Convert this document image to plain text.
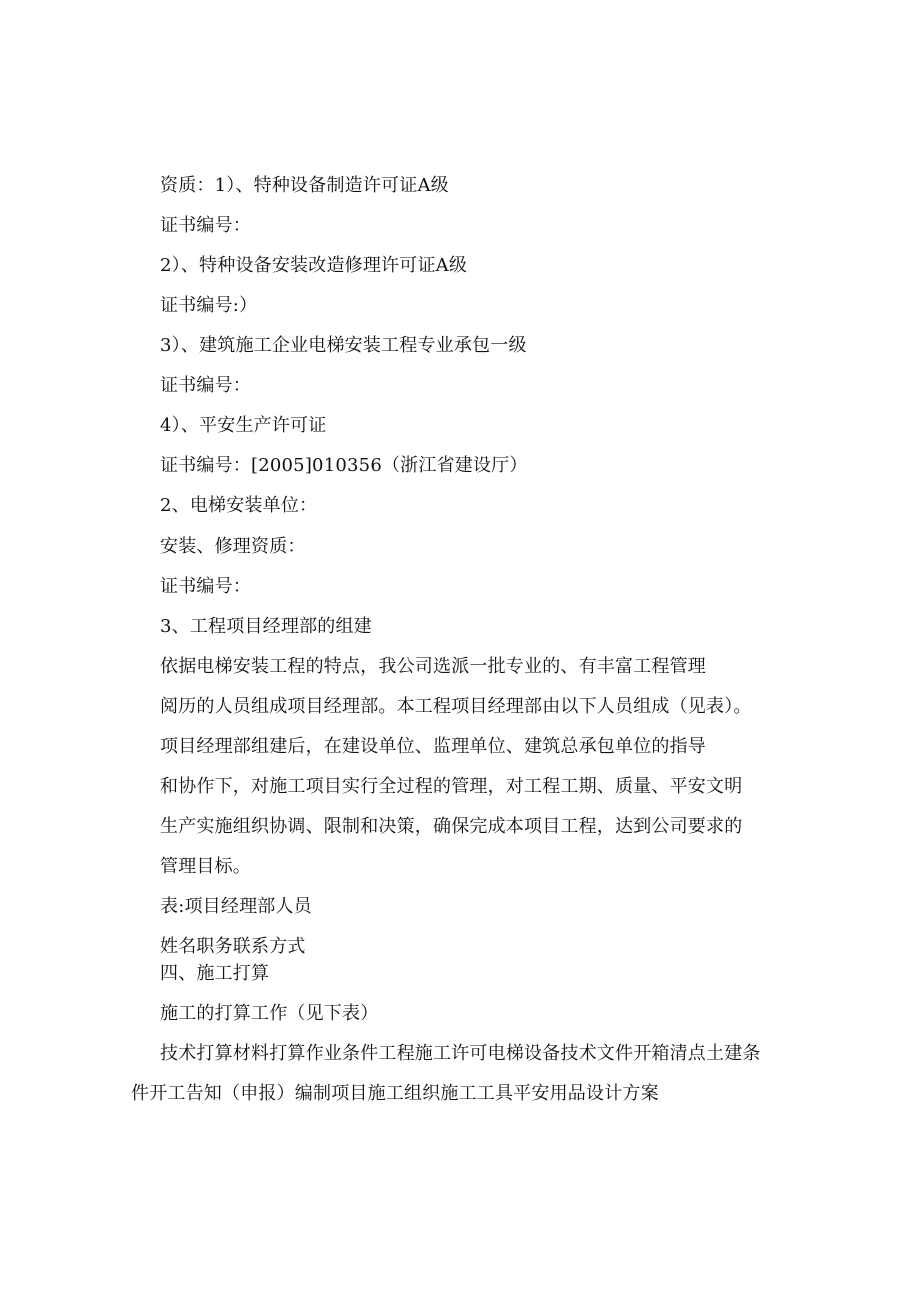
资质：1）、特种设备制造许可证A级
证书编号：
2）、特种设备安装改造修理许可证A级
证书编号:）
3）、建筑施工企业电梯安装工程专业承包一级
证书编号：
4）、平安生产许可证
证书编号：[2005]010356（浙江省建设厅）
2、电梯安装单位：
安装、修理资质：
证书编号：
3、工程项目经理部的组建
依据电梯安装工程的特点，我公司选派一批专业的、有丰富工程管理
阅历的人员组成项目经理部。本工程项目经理部由以下人员组成（见表）。
项目经理部组建后，在建设单位、监理单位、建筑总承包单位的指导
和协作下，对施工项目实行全过程的管理，对工程工期、质量、平安文明
生产实施组织协调、限制和决策，确保完成本项目工程，达到公司要求的
管理目标。
表:项目经理部人员
姓名职务联系方式
四、施工打算
施工的打算工作（见下表）
技术打算材料打算作业条件工程施工许可电梯设备技术文件开箱清点土建条
件开工告知（申报）编制项目施工组织施工工具平安用品设计方案
